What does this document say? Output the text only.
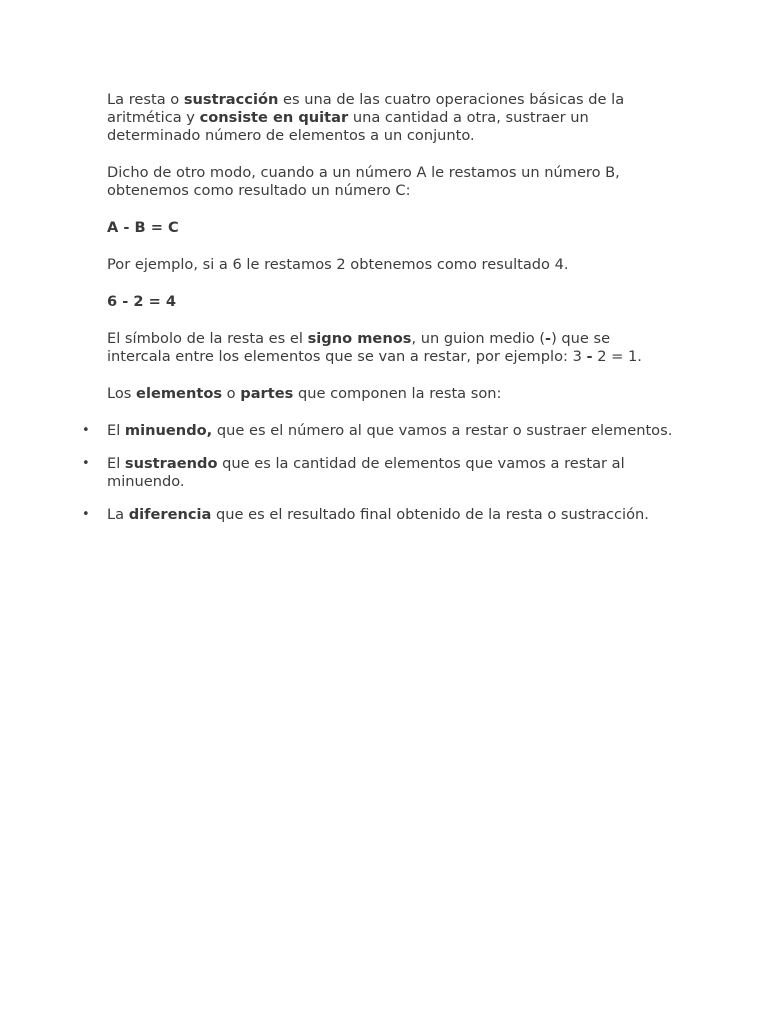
La resta o sustracción es una de las cuatro operaciones básicas de la aritmética y consiste en quitar una cantidad a otra, sustraer un determinado número de elementos a un conjunto.

Dicho de otro modo, cuando a un número A le restamos un número B, obtenemos como resultado un número C:

A - B = C

Por ejemplo, si a 6 le restamos 2 obtenemos como resultado 4.

6 - 2 = 4

El símbolo de la resta es el signo menos, un guion medio (-) que se intercala entre los elementos que se van a restar, por ejemplo: 3 - 2 = 1.

Los elementos o partes que componen la resta son:

• El minuendo, que es el número al que vamos a restar o sustraer elementos.
• El sustraendo que es la cantidad de elementos que vamos a restar al minuendo.
• La diferencia que es el resultado final obtenido de la resta o sustracción.
